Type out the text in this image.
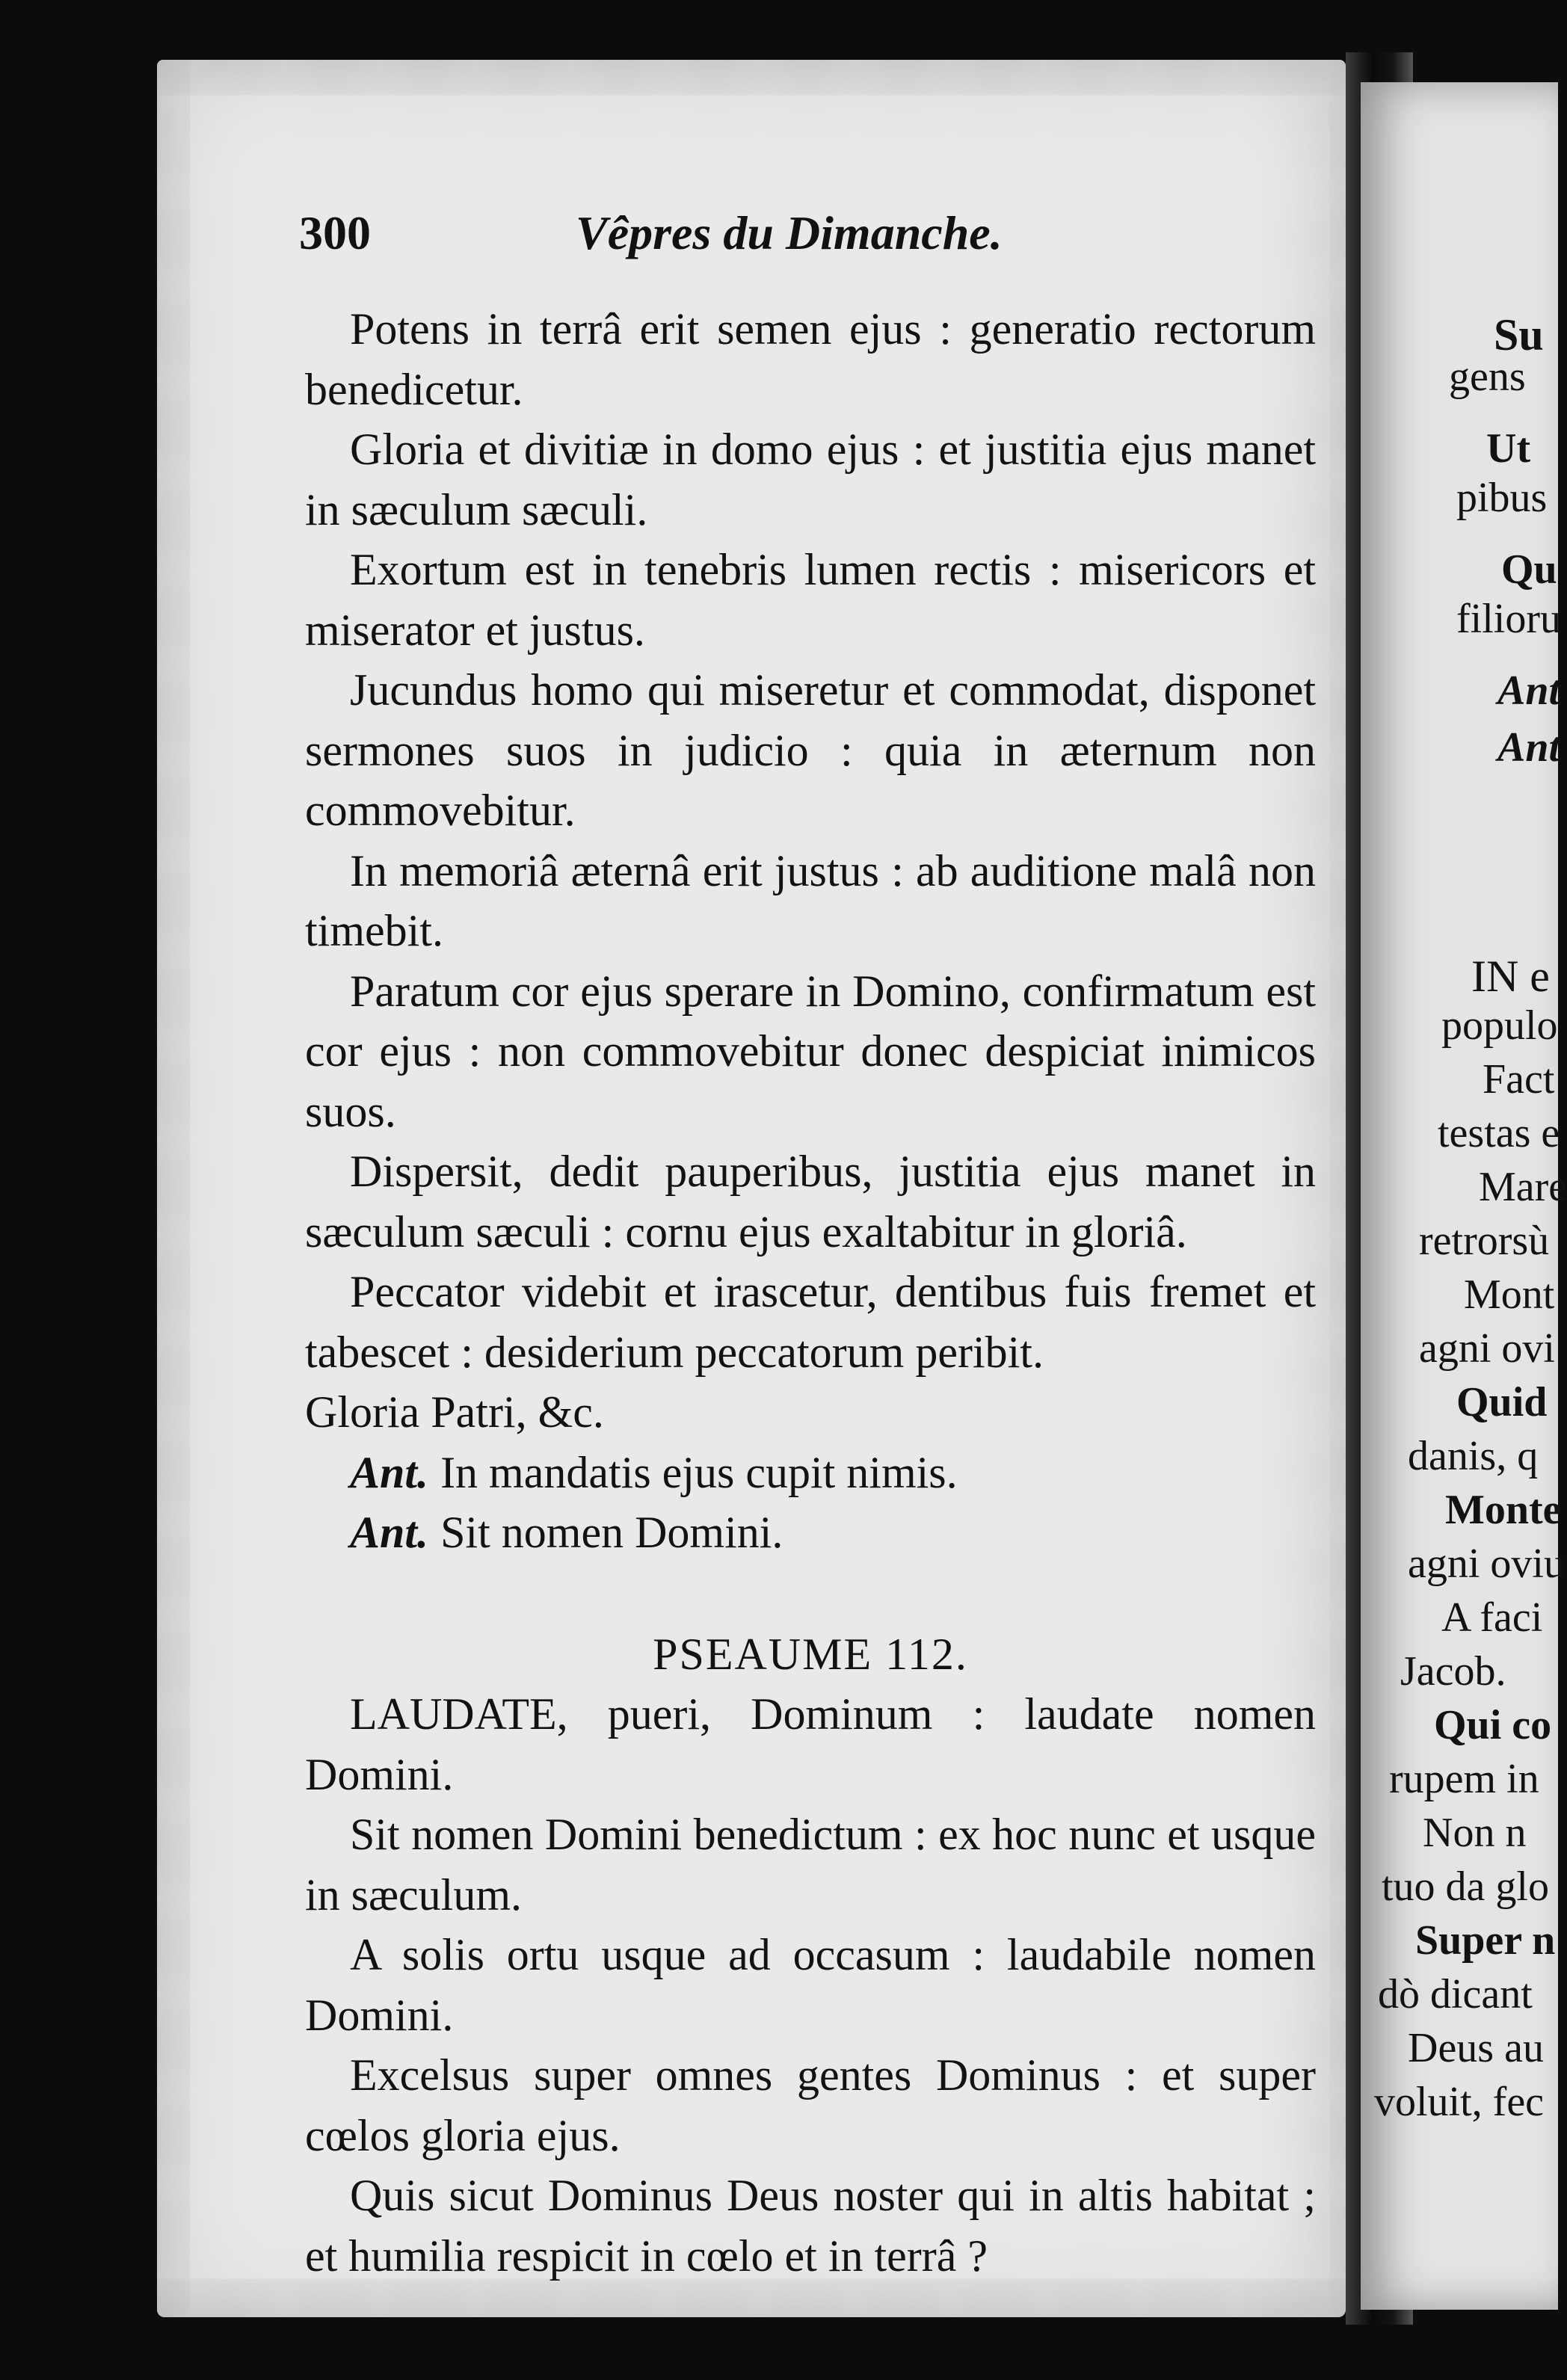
300	Vêpres du Dimanche.

Potens in terrâ erit semen ejus : generatio rectorum benedicetur.

Gloria et divitiæ in domo ejus : et justitia ejus manet in sæculum sæculi.

Exortum est in tenebris lumen rectis : misericors et miserator et justus.

Jucundus homo qui miseretur et commodat, disponet sermones suos in judicio : quia in æternum non commovebitur.

In memoriâ æternâ erit justus : ab auditione malâ non timebit.

Paratum cor ejus sperare in Domino, confirmatum est cor ejus : non commovebitur donec despiciat inimicos suos.

Dispersit, dedit pauperibus, justitia ejus manet in sæculum sæculi : cornu ejus exaltabitur in gloriâ.

Peccator videbit et irascetur, dentibus fuis fremet et tabescet : desiderium peccatorum peribit.

Gloria Patri, &c.

Ant. In mandatis ejus cupit nimis.

Ant. Sit nomen Domini.

PSEAUME 112.

LAUDATE, pueri, Dominum : laudate nomen Domini.

Sit nomen Domini benedictum : ex hoc nunc et usque in sæculum.

A solis ortu usque ad occasum : laudabile nomen Domini.

Excelsus super omnes gentes Dominus : et super cœlos gloria ejus.

Quis sicut Dominus Deus noster qui in altis habitat ; et humilia respicit in cœlo et in terrâ ?

Su
gens
Ut
pibus
Qu
filioru
Ant
Ant
IN e
populo
Fact
testas e
Mare
retrorsù
Mont
agni ovi
Quid
danis, q
Monte
agni oviu
A faci
Jacob.
Qui co
rupem in
Non n
tuo da glo
Super n
dò dicant
Deus au
voluit, fec
